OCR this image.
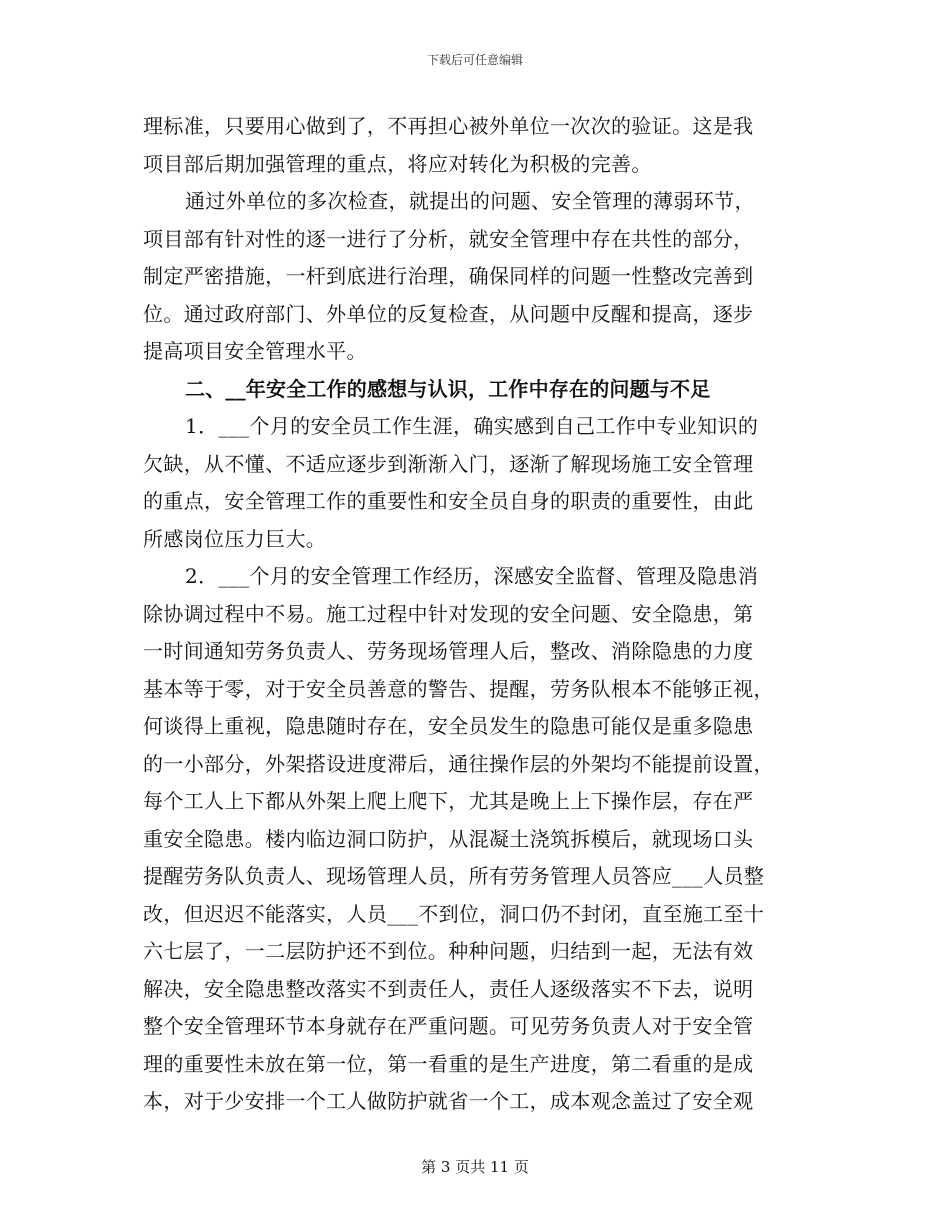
下载后可任意编辑
理标准，只要用心做到了，不再担心被外单位一次次的验证。这是我
项目部后期加强管理的重点，将应对转化为积极的完善。
通过外单位的多次检查，就提出的问题、安全管理的薄弱环节，
项目部有针对性的逐一进行了分析，就安全管理中存在共性的部分，
制定严密措施，一杆到底进行治理，确保同样的问题一性整改完善到
位。通过政府部门、外单位的反复检查，从问题中反醒和提高，逐步
提高项目安全管理水平。
二、__年安全工作的感想与认识，工作中存在的问题与不足
1．___个月的安全员工作生涯，确实感到自己工作中专业知识的
欠缺，从不懂、不适应逐步到渐渐入门，逐渐了解现场施工安全管理
的重点，安全管理工作的重要性和安全员自身的职责的重要性，由此
所感岗位压力巨大。
2．___个月的安全管理工作经历，深感安全监督、管理及隐患消
除协调过程中不易。施工过程中针对发现的安全问题、安全隐患，第
一时间通知劳务负责人、劳务现场管理人后，整改、消除隐患的力度
基本等于零，对于安全员善意的警告、提醒，劳务队根本不能够正视，
何谈得上重视，隐患随时存在，安全员发生的隐患可能仅是重多隐患
的一小部分，外架搭设进度滞后，通往操作层的外架均不能提前设置，
每个工人上下都从外架上爬上爬下，尤其是晚上上下操作层，存在严
重安全隐患。楼内临边洞口防护，从混凝土浇筑拆模后，就现场口头
提醒劳务队负责人、现场管理人员，所有劳务管理人员答应___人员整
改，但迟迟不能落实，人员___不到位，洞口仍不封闭，直至施工至十
六七层了，一二层防护还不到位。种种问题，归结到一起，无法有效
解决，安全隐患整改落实不到责任人，责任人逐级落实不下去，说明
整个安全管理环节本身就存在严重问题。可见劳务负责人对于安全管
理的重要性未放在第一位，第一看重的是生产进度，第二看重的是成
本，对于少安排一个工人做防护就省一个工，成本观念盖过了安全观
第 3 页共 11 页
